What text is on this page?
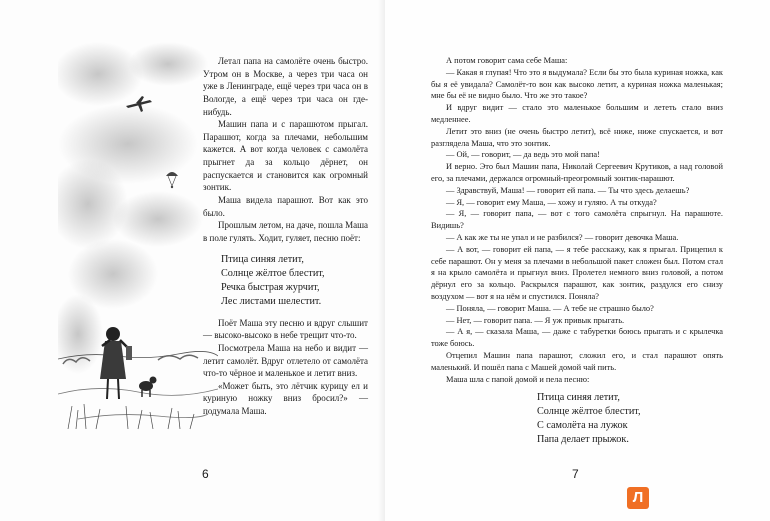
Летал папа на самолёте очень быстро. Утром он в Москве, а через три часа он уже в Ленинграде, ещё через три часа он в Вологде, а ещё через три часа он где-нибудь.

Машин папа и с парашютом прыгал. Парашют, когда за плечами, небольшим кажется. А вот когда человек с самолёта прыгнет да за кольцо дёрнет, он распускается и становится как огромный зонтик.

Маша видела парашют. Вот как это было.

Прошлым летом, на даче, пошла Маша в поле гулять. Ходит, гуляет, песню поёт:

Птица синяя летит,
Солнце жёлтое блестит,
Речка быстрая журчит,
Лес листами шелестит.

Поёт Маша эту песню и вдруг слышит — высоко-высоко в небе трещит что-то.

Посмотрела Маша на небо и видит — летит самолёт. Вдруг отлетело от самолёта что-то чёрное и маленькое и летит вниз.

«Может быть, это лётчик курицу ел и куриную ножку вниз бросил?» — подумала Маша.

6

А потом говорит сама себе Маша:

— Какая я глупая! Что это я выдумала? Если бы это была куриная ножка, как бы я её увидала? Самолёт-то вон как высоко летит, а куриная ножка маленькая; мне бы её не видно было. Что же это такое?

И вдруг видит — стало это маленькое большим и лететь стало вниз медленнее.

Летит это вниз (не очень быстро летит), всё ниже, ниже спускается, и вот разглядела Маша, что это зонтик.

— Ой, — говорит, — да ведь это мой папа!

И верно. Это был Машин папа, Николай Сергеевич Крутиков, а над головой его, за плечами, держался огромный-преогромный зонтик-парашют.

— Здравствуй, Маша! — говорит ей папа. — Ты что здесь делаешь?

— Я, — говорит ему Маша, — хожу и гуляю. А ты откуда?

— Я, — говорит папа, — вот с того самолёта спрыгнул. На парашюте. Видишь?

— А как же ты не упал и не разбился? — говорит девочка Маша.

— А вот, — говорит ей папа, — я тебе расскажу, как я прыгал. Прицепил к себе парашют. Он у меня за плечами в небольшой пакет сложен был. Потом стал я на крыло самолёта и прыгнул вниз. Пролетел немного вниз головой, а потом дёрнул его за кольцо. Раскрылся парашют, как зонтик, раздулся его снизу воздухом — вот я на нём и спустился. Поняла?

— Поняла, — говорит Маша. — А тебе не страшно было?

— Нет, — говорит папа. — Я уж привык прыгать.

— А я, — сказала Маша, — даже с табуретки боюсь прыгать и с крылечка тоже боюсь.

Отцепил Машин папа парашют, сложил его, и стал парашют опять маленький. И пошёл папа с Машей домой чай пить.

Маша шла с папой домой и пела песню:

Птица синяя летит,
Солнце жёлтое блестит,
С самолёта на лужок
Папа делает прыжок.
7
Л
